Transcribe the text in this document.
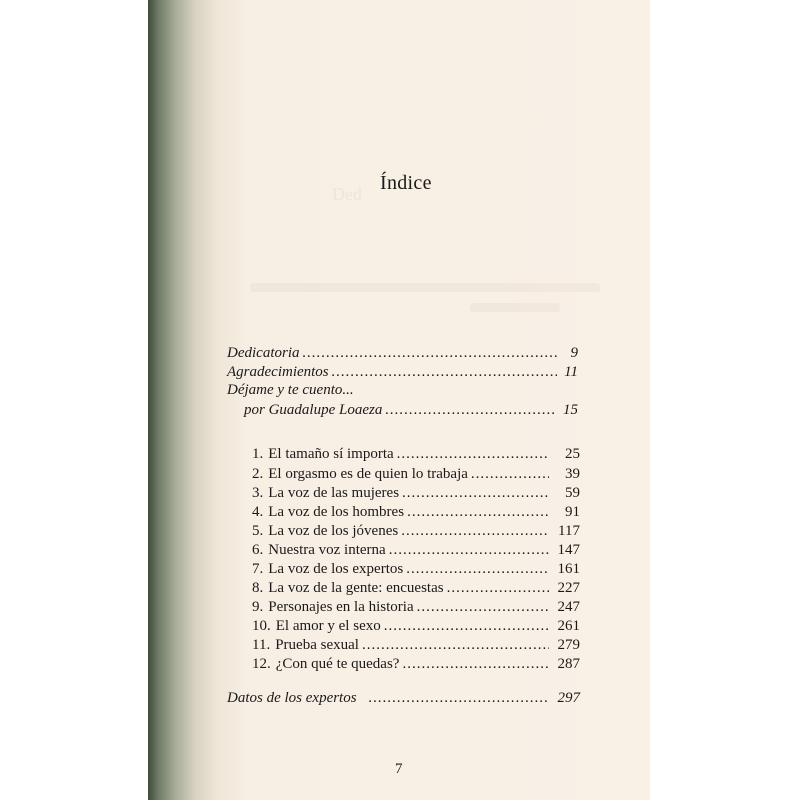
Ded Índice
Dedicatoria .....	9
Agradecimientos .....	11
Déjame y te cuento...
por Guadalupe Loaeza .....	15
1. El tamaño sí importa .....	25
2. El orgasmo es de quien lo trabaja .....	39
3. La voz de las mujeres .....	59
4. La voz de los hombres .....	91
5. La voz de los jóvenes .....	117
6. Nuestra voz interna .....	147
7. La voz de los expertos .....	161
8. La voz de la gente: encuestas .....	227
9. Personajes en la historia .....	247
10. El amor y el sexo .....	261
11. Prueba sexual .....	279
12. ¿Con qué te quedas? .....	287
Datos de los expertos .....	297
7
